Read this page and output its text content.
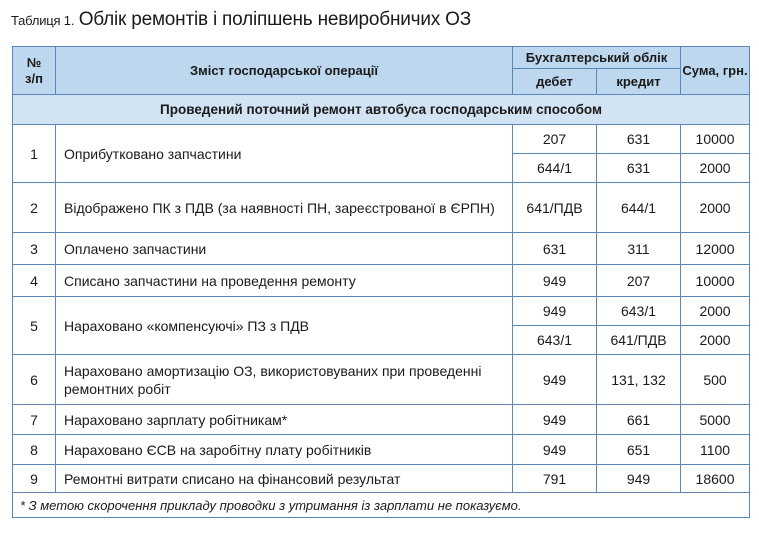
Таблиця 1. Облік ремонтів і поліпшень невиробничих ОЗ
№
з/п	Зміст господарської операції	Бухгалтерський облік		Сума, грн.
		дебет	кредит	
Проведений поточний ремонт автобуса господарським способом				
1	Оприбутковано запчастини	207	631	10000
		644/1	631	2000
2	Відображено ПК з ПДВ (за наявності ПН, зареєстрованої в ЄРПН)	641/ПДВ	644/1	2000
3	Оплачено запчастини	631	311	12000
4	Списано запчастини на проведення ремонту	949	207	10000
5	Нараховано «компенсуючі» ПЗ з ПДВ	949	643/1	2000
		643/1	641/ПДВ	2000
6	Нараховано амортизацію ОЗ, використовуваних при проведенні ремонтних робіт	949	131, 132	500
7	Нараховано зарплату робітникам*	949	661	5000
8	Нараховано ЄСВ на заробітну плату робітників	949	651	1100
9	Ремонтні витрати списано на фінансовий результат	791	949	18600
* З метою скорочення прикладу проводки з утримання із зарплати не показуємо.				
